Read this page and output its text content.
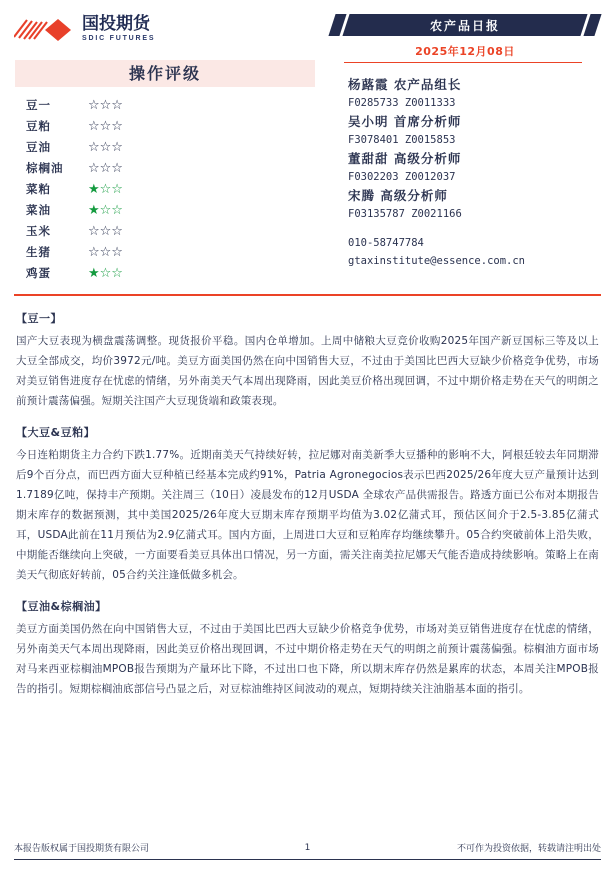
国投期货
SDIC FUTURES
操作评级
豆一	☆☆☆
豆粕	☆☆☆
豆油	☆☆☆
棕榈油	☆☆☆
菜粕	★☆☆
菜油	★☆☆
玉米	☆☆☆
生猪	☆☆☆
鸡蛋	★☆☆
农产品日报
2025年12月08日
杨蕗霞 农产品组长
F0285733 Z0011333
吴小明 首席分析师
F3078401 Z0015853
董甜甜 高级分析师
F0302203 Z0012037
宋腾 高级分析师
F03135787 Z0021166
010-58747784
gtaxinstitute@essence.com.cn
【豆一】
国产大豆表现为横盘震荡调整。现货报价平稳。国内仓单增加。上周中储粮大豆竞价收购2025年国产新豆国标三等及以上大豆全部成交，均价3972元/吨。美豆方面美国仍然在向中国销售大豆，不过由于美国比巴西大豆缺少价格竞争优势，市场对美豆销售进度存在忧虑的情绪，另外南美天气本周出现降雨，因此美豆价格出现回调，不过中期价格走势在天气的明朗之前预计震荡偏强。短期关注国产大豆现货端和政策表现。
【大豆&豆粕】
今日连粕期货主力合约下跌1.77%。近期南美天气持续好转，拉尼娜对南美新季大豆播种的影响不大，阿根廷较去年同期滞后9个百分点，而巴西方面大豆种植已经基本完成约91%，Patria Agronegocios表示巴西2025/26年度大豆产量预计达到1.7189亿吨，保持丰产预期。关注周三（10日）凌晨发布的12月USDA 全球农产品供需报告。路透方面已公布对本期报告期末库存的数据预测，其中美国2025/26年度大豆期末库存预期平均值为3.02亿蒲式耳，预估区间介于2.5-3.85亿蒲式耳，USDA此前在11月预估为2.9亿蒲式耳。国内方面，上周进口大豆和豆粕库存均继续攀升。05合约突破前体上沿失败，中期能否继续向上突破，一方面要看美豆具体出口情况，另一方面，需关注南美拉尼娜天气能否造成持续影响。策略上在南美天气彻底好转前，05合约关注逢低做多机会。
【豆油&棕榈油】
美豆方面美国仍然在向中国销售大豆，不过由于美国比巴西大豆缺少价格竞争优势，市场对美豆销售进度存在忧虑的情绪，另外南美天气本周出现降雨，因此美豆价格出现回调，不过中期价格走势在天气的明朗之前预计震荡偏强。棕榈油方面市场对马来西亚棕榈油MPOB报告预期为产量环比下降，不过出口也下降，所以期末库存仍然是累库的状态，本周关注MPOB报告的指引。短期棕榈油底部信号凸显之后，对豆棕油维持区间波动的观点，短期持续关注油脂基本面的指引。
本报告版权属于国投期货有限公司	1	不可作为投资依据，转载请注明出处
